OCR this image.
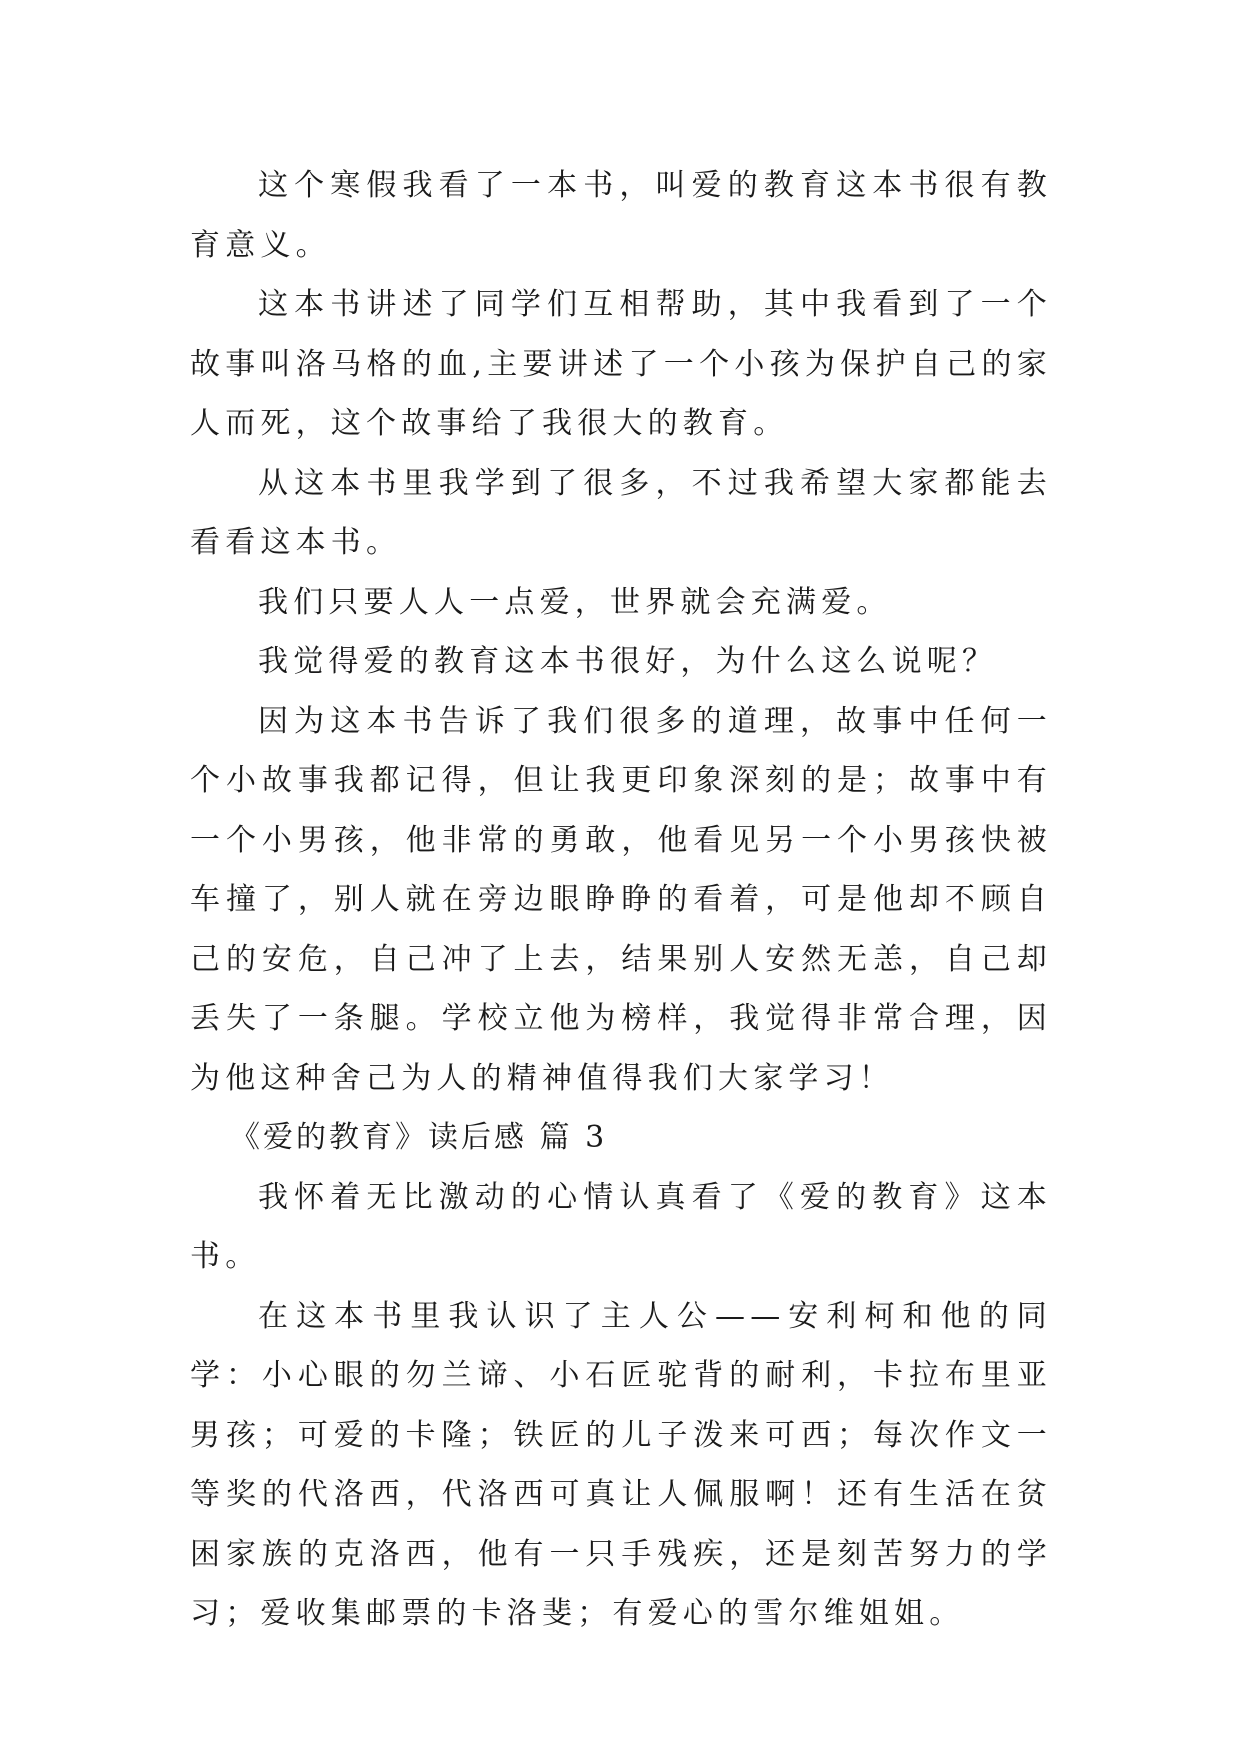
这个寒假我看了一本书，叫爱的教育这本书很有教育意义。

这本书讲述了同学们互相帮助，其中我看到了一个故事叫洛马格的血,主要讲述了一个小孩为保护自己的家人而死，这个故事给了我很大的教育。

从这本书里我学到了很多，不过我希望大家都能去看看这本书。

我们只要人人一点爱，世界就会充满爱。

我觉得爱的教育这本书很好，为什么这么说呢？

因为这本书告诉了我们很多的道理，故事中任何一个小故事我都记得，但让我更印象深刻的是；故事中有一个小男孩，他非常的勇敢，他看见另一个小男孩快被车撞了，别人就在旁边眼睁睁的看着，可是他却不顾自己的安危，自己冲了上去，结果别人安然无恙，自己却丢失了一条腿。学校立他为榜样，我觉得非常合理，因为他这种舍己为人的精神值得我们大家学习！

《爱的教育》读后感 篇 3

我怀着无比激动的心情认真看了《爱的教育》这本书。

在这本书里我认识了主人公——安利柯和他的同学：小心眼的勿兰谛、小石匠驼背的耐利，卡拉布里亚男孩；可爱的卡隆；铁匠的儿子泼来可西；每次作文一等奖的代洛西，代洛西可真让人佩服啊！还有生活在贫困家族的克洛西，他有一只手残疾，还是刻苦努力的学习；爱收集邮票的卡洛斐；有爱心的雪尔维姐姐。
